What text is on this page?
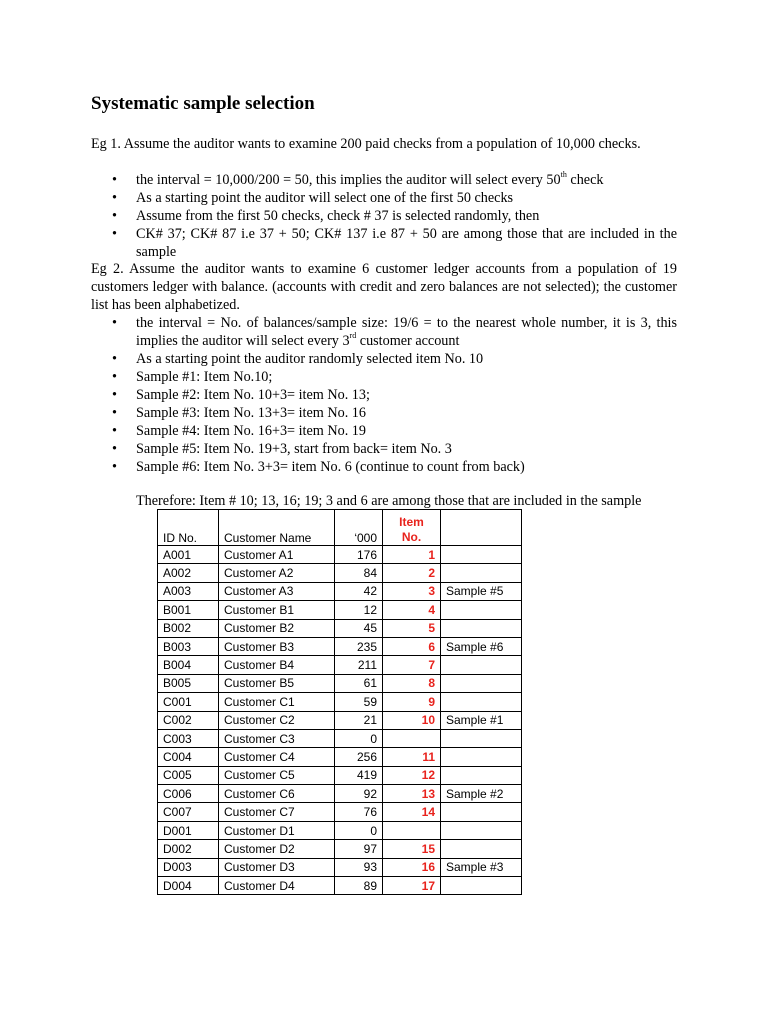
Systematic sample selection

Eg 1. Assume the auditor wants to examine 200 paid checks from a population of 10,000 checks.

•	the interval = 10,000/200 = 50, this implies the auditor will select every 50th check
•	As a starting point the auditor will select one of the first 50 checks
•	Assume from the first 50 checks, check # 37 is selected randomly, then
•	CK# 37; CK# 87 i.e 37 + 50; CK# 137 i.e 87 + 50 are among those that are included in the sample

Eg 2. Assume the auditor wants to examine 6 customer ledger accounts from a population of 19 customers ledger with balance. (accounts with credit and zero balances are not selected); the customer list has been alphabetized.

•	the interval = No. of balances/sample size: 19/6 = to the nearest whole number, it is 3, this implies the auditor will select every 3rd customer account
•	As a starting point the auditor randomly selected item No. 10
•	Sample #1: Item No.10;
•	Sample #2: Item No. 10+3= item No. 13;
•	Sample #3: Item No. 13+3= item No. 16
•	Sample #4: Item No. 16+3= item No. 19
•	Sample #5: Item No. 19+3, start from back= item No. 3
•	Sample #6: Item No. 3+3= item No. 6 (continue to count from back)

Therefore: Item # 10; 13, 16; 19; 3 and 6 are among those that are included in the sample

ID No.	Customer Name	‘000	Item
No.	
A001	Customer A1	176	1	
A002	Customer A2	84	2	
A003	Customer A3	42	3	Sample #5
B001	Customer B1	12	4	
B002	Customer B2	45	5	
B003	Customer B3	235	6	Sample #6
B004	Customer B4	211	7	
B005	Customer B5	61	8	
C001	Customer C1	59	9	
C002	Customer C2	21	10	Sample #1
C003	Customer C3	0		
C004	Customer C4	256	11	
C005	Customer C5	419	12	
C006	Customer C6	92	13	Sample #2
C007	Customer C7	76	14	
D001	Customer D1	0		
D002	Customer D2	97	15	
D003	Customer D3	93	16	Sample #3
D004	Customer D4	89	17	
